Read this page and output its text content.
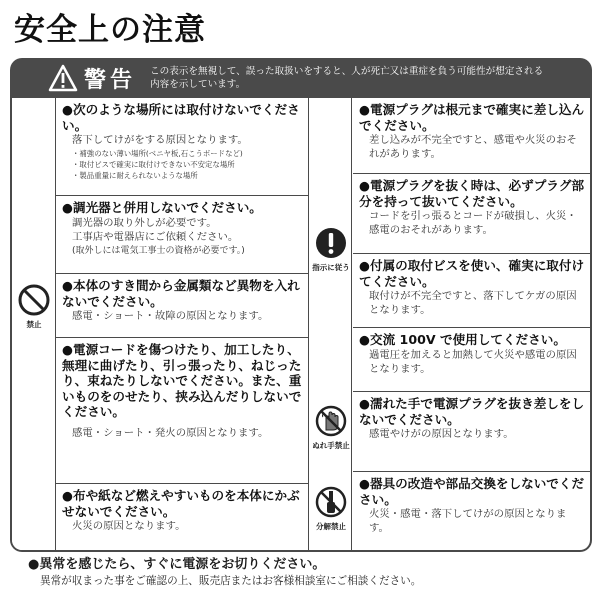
安全上の注意
警告 この表示を無視して、誤った取扱いをすると、人が死亡又は重症を負う可能性が想定される内容を示しています。
禁止
指示に従う
ぬれ手禁止
分解禁止
●次のような場所には取付けないでください。
落下してけがをする原因となります。
・ 補強のない薄い場所(ベニヤ板,石こうボードなど)
・ 取付ビスで確実に取付けできない不安定な場所
・ 製品重量に耐えられないような場所
●調光器と併用しないでください。
調光器の取り外しが必要です。
工事店や電器店にご依頼ください。
(取外しには電気工事士の資格が必要です。)
●本体のすき間から金属類など異物を入れないでください。
感電・ショート・故障の原因となります。
●電源コードを傷つけたり、加工したり、無理に曲げたり、引っ張ったり、ねじったり、束ねたりしないでください。また、重いものをのせたり、挟み込んだりしないでください。
感電・ショート・発火の原因となります。
●布や紙など燃えやすいものを本体にかぶせないでください。
火災の原因となります。
●電源プラグは根元まで確実に差し込んでください。
差し込みが不完全ですと、感電や火災のおそれがあります。
●電源プラグを抜く時は、必ずプラグ部分を持って抜いてください。
コードを引っ張るとコードが破損し、火災・感電のおそれがあります。
●付属の取付ビスを使い、確実に取付けてください。
取付けが不完全ですと、落下してケガの原因となります。
●交流 100V で使用してください。
過電圧を加えると加熱して火災や感電の原因となります。
●濡れた手で電源プラグを抜き差しをしないでください。
感電やけがの原因となります。
●器具の改造や部品交換をしないでください。
火災・感電・落下してけがの原因となります。
●異常を感じたら、すぐに電源をお切りください。
異常が収まった事をご確認の上、販売店またはお客様相談室にご相談ください。
